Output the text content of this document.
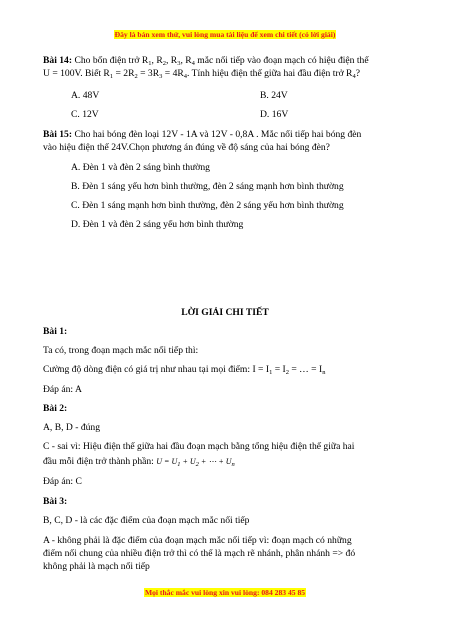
Đây là bản xem thử, vui lòng mua tài liệu để xem chi tiết (có lời giải)
Bài 14: Cho bốn điện trở $R_1$, $R_2$, $R_3$, $R_4$ mắc nối tiếp vào đoạn mạch có hiệu điện thế
U = 100V. Biết $R_1 = 2R_2 = 3R_3 = 4R_4$. Tính hiệu điện thế giữa hai đầu điện trở $R_4$?
A. 48V	B. 24V
C. 12V	D. 16V
Bài 15: Cho hai bóng đèn loại 12V - 1A và 12V - 0,8A . Mắc nối tiếp hai bóng đèn
vào hiệu điện thế 24V.Chọn phương án đúng về độ sáng của hai bóng đèn?
A. Đèn 1 và đèn 2 sáng bình thường
B. Đèn 1 sáng yếu hơn bình thường, đèn 2 sáng mạnh hơn bình thường
C. Đèn 1 sáng mạnh hơn bình thường, đèn 2 sáng yếu hơn bình thường
D. Đèn 1 và đèn 2 sáng yếu hơn bình thường
LỜI GIẢI CHI TIẾT
Bài 1:
Ta có, trong đoạn mạch mắc nối tiếp thì:
Cường độ dòng điện có giá trị như nhau tại mọi điểm: $I = I_1 = I_2$ = … = $I_n$
Đáp án: A
Bài 2:
A, B, D - đúng
C - sai vì: Hiệu điện thế giữa hai đầu đoạn mạch bằng tổng hiệu điện thế giữa hai
đầu mỗi điện trở thành phần: $U = U_1 + U_2$ + ⋯ + $U_n$
Đáp án: C
Bài 3:
B, C, D - là các đặc điểm của đoạn mạch mắc nối tiếp
A - không phải là đặc điểm của đoạn mạch mắc nối tiếp vì: đoạn mạch có những
điểm nối chung của nhiều điện trở thì có thể là mạch rẽ nhánh, phân nhánh => đó
không phải là mạch nối tiếp
Mọi thắc mắc vui lòng xin vui lòng: 084 283 45 85
